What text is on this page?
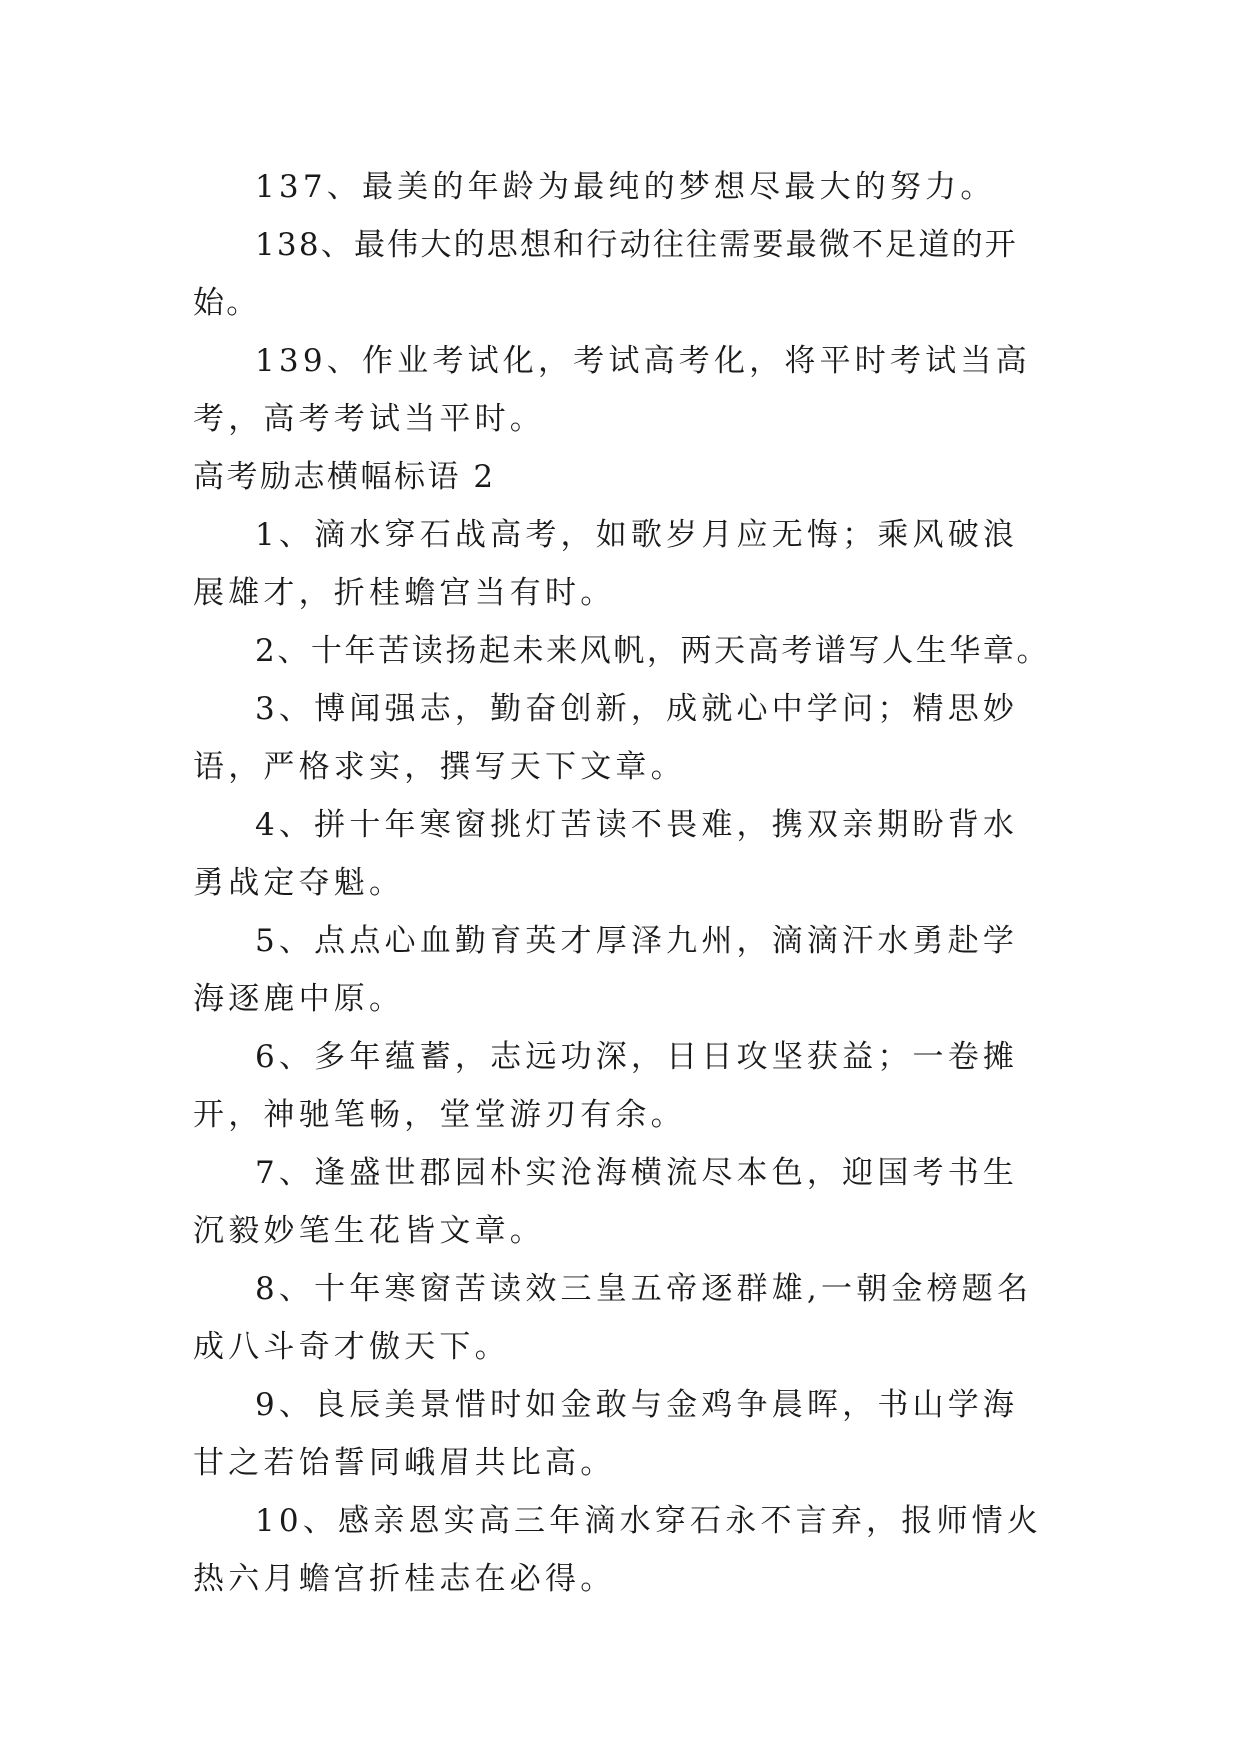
137、最美的年龄为最纯的梦想尽最大的努力。

138、最伟大的思想和行动往往需要最微不足道的开始。

139、作业考试化，考试高考化，将平时考试当高考，高考考试当平时。

高考励志横幅标语 2

1、滴水穿石战高考，如歌岁月应无悔；乘风破浪展雄才，折桂蟾宫当有时。

2、十年苦读扬起未来风帆，两天高考谱写人生华章。

3、博闻强志，勤奋创新，成就心中学问；精思妙语，严格求实，撰写天下文章。

4、拼十年寒窗挑灯苦读不畏难，携双亲期盼背水勇战定夺魁。

5、点点心血勤育英才厚泽九州，滴滴汗水勇赴学海逐鹿中原。

6、多年蕴蓄，志远功深，日日攻坚获益；一卷摊开，神驰笔畅，堂堂游刃有余。

7、逢盛世郡园朴实沧海横流尽本色，迎国考书生沉毅妙笔生花皆文章。

8、十年寒窗苦读效三皇五帝逐群雄,一朝金榜题名成八斗奇才傲天下。

9、良辰美景惜时如金敢与金鸡争晨晖，书山学海甘之若饴誓同峨眉共比高。

10、感亲恩实高三年滴水穿石永不言弃，报师情火热六月蟾宫折桂志在必得。
